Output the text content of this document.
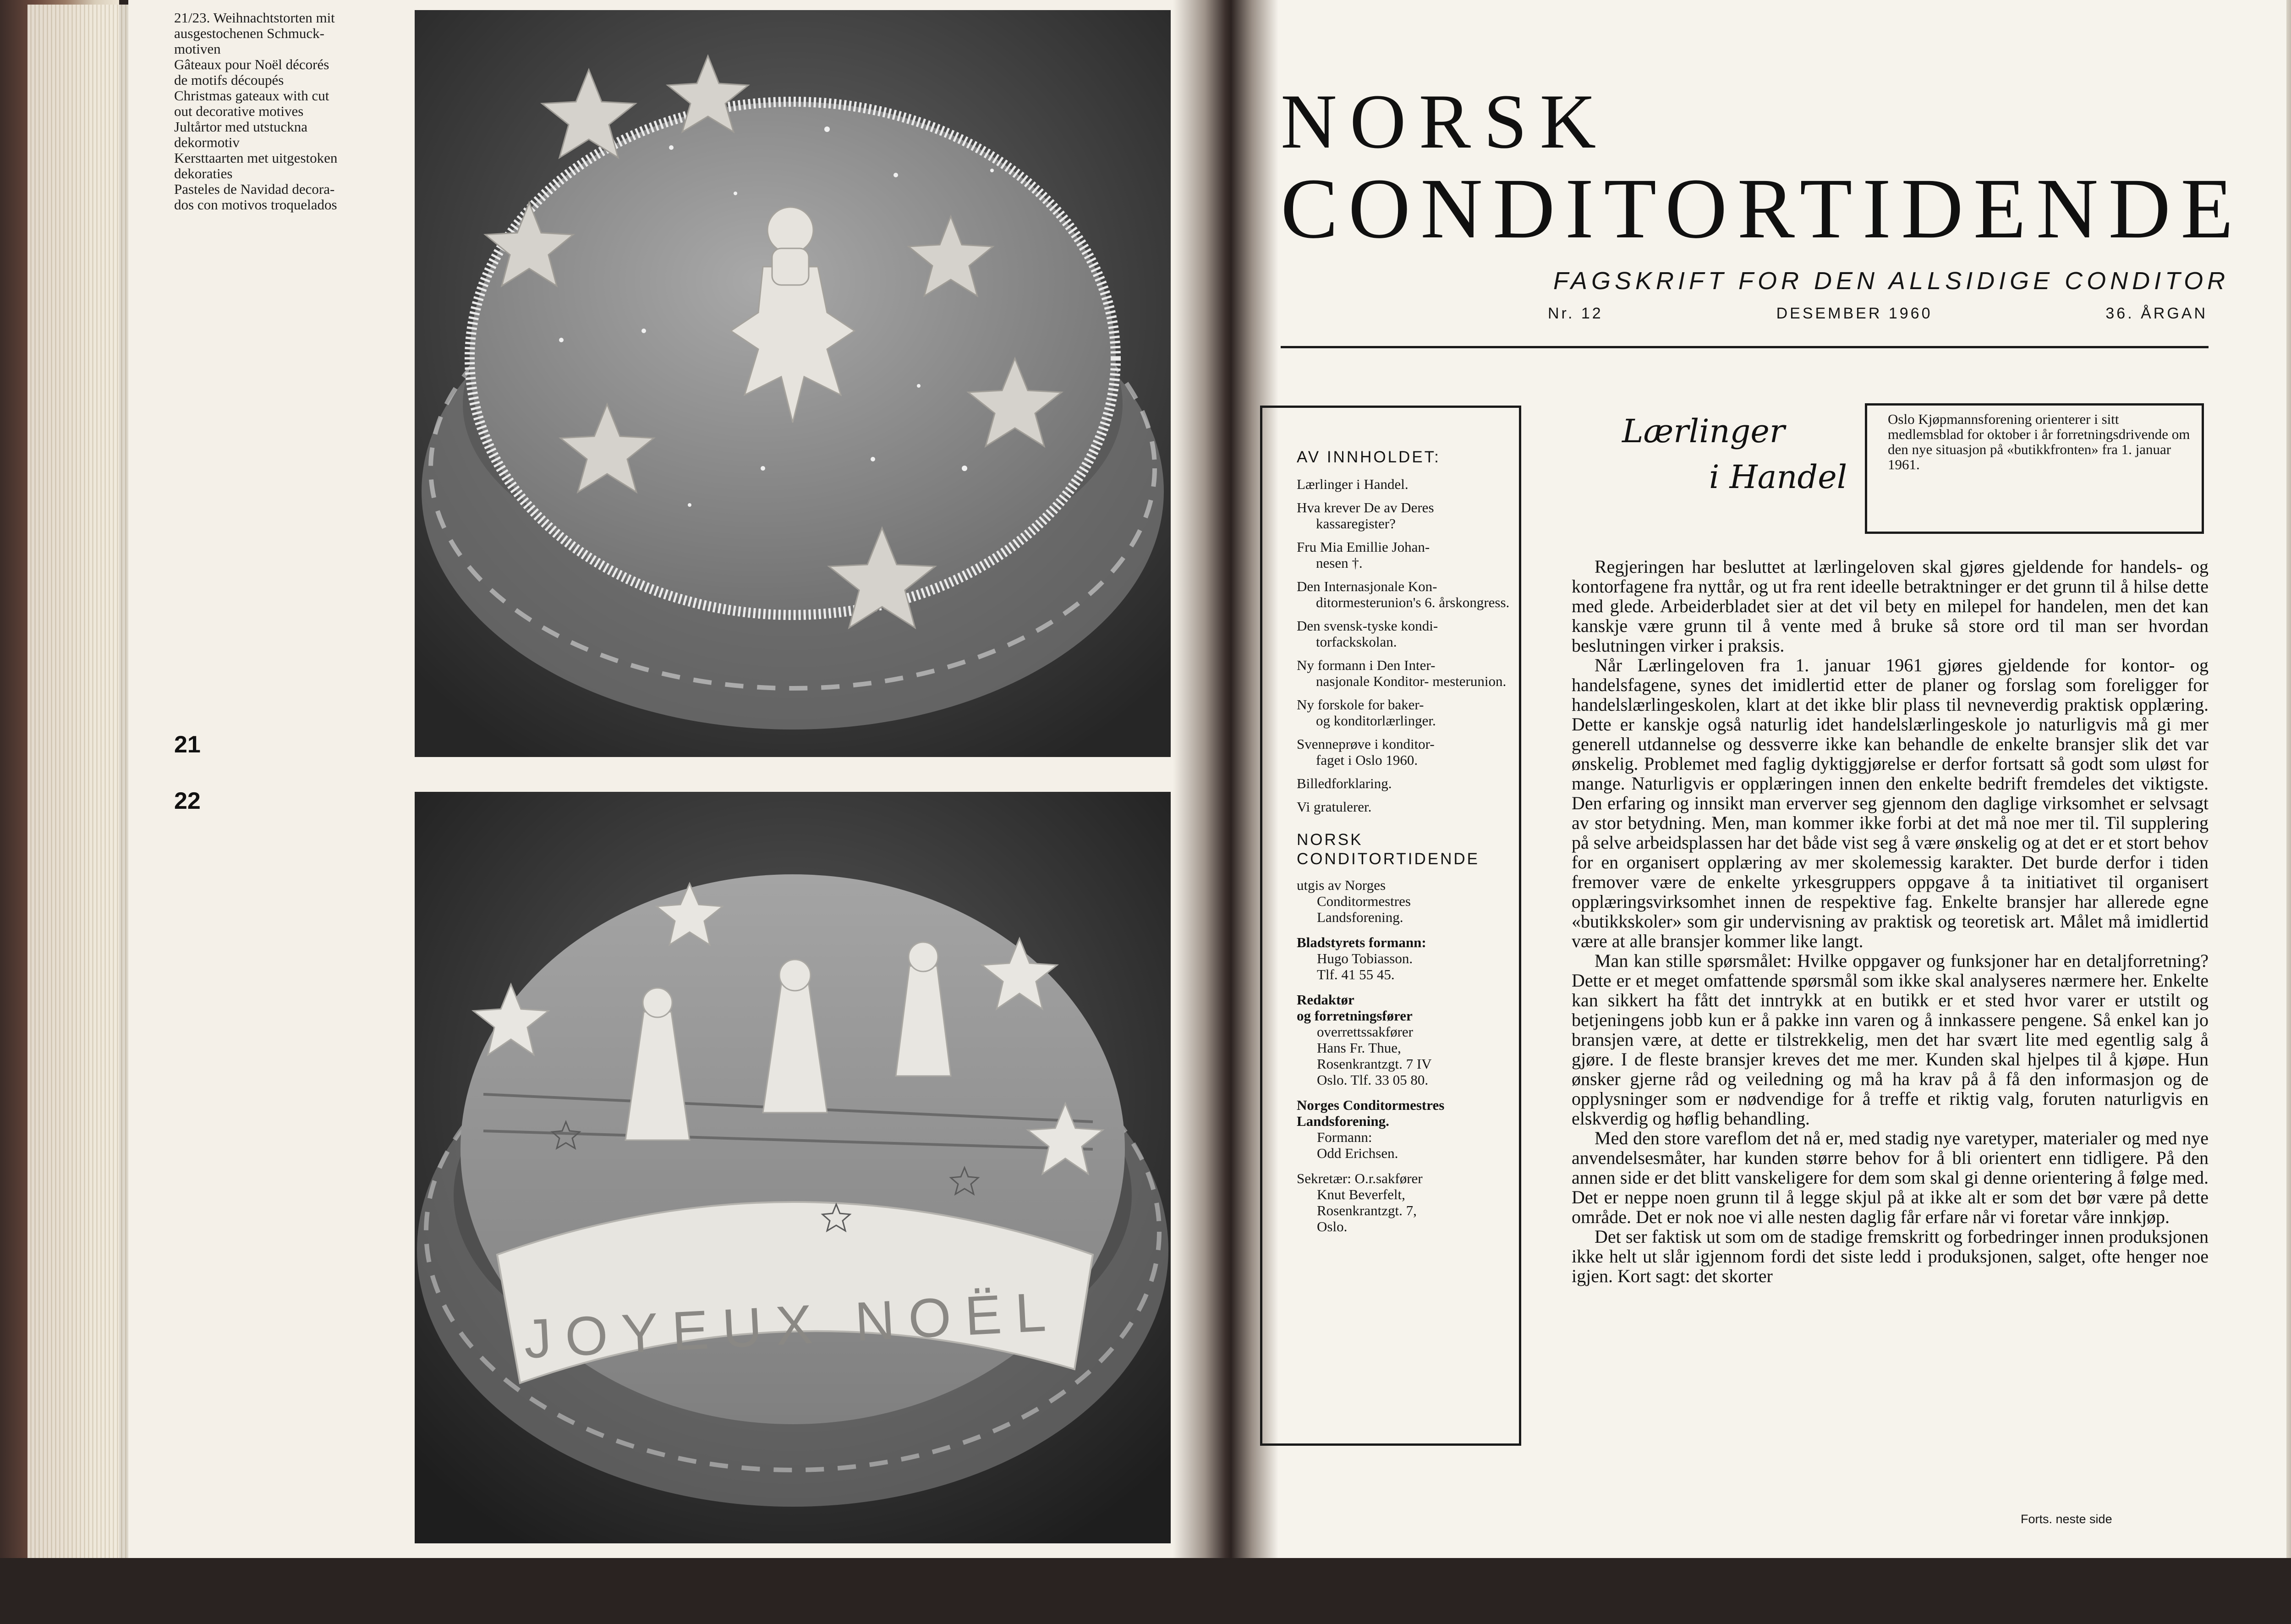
21/23. Weihnachtstorten mit
ausgestochenen Schmuck-
motiven
Gâteaux pour Noël décorés
de motifs découpés
Christmas gateaux with cut
out decorative motives
Jultårtor med utstuckna
dekormotiv
Kersttaarten met uitgestoken
dekoraties
Pasteles de Navidad decora-
dos con motivos troquelados
21
22
JOYEUX NOËL
NORSK
CONDITORTIDENDE
FAGSKRIFT FOR DEN ALLSIDIGE CONDITOR
Nr. 12	DESEMBER 1960	36. ÅRGAN
AV INNHOLDET:
Lærlinger i Handel.
Hva krever De av Deres
kassaregister?
Fru Mia Emillie Johan-
nesen †.
Den Internasjonale Kon-
ditormesterunion's 6. årskongress.
Den svensk-tyske kondi-
torfackskolan.
Ny formann i Den Inter-
nasjonale Konditor- mesterunion.
Ny forskole for baker-
og konditorlærlinger.
Svenneprøve i konditor-
faget i Oslo 1960.
Billedforklaring.
Vi gratulerer.
NORSK
CONDITORTIDENDE
utgis av Norges
Conditormestres
Landsforening.
Bladstyrets formann:
Hugo Tobiasson.
Tlf. 41 55 45.
Redaktør
og forretningsfører
overrettssakfører
Hans Fr. Thue,
Rosenkrantzgt. 7 IV
Oslo. Tlf. 33 05 80.
Norges Conditormestres
Landsforening.
Formann:
Odd Erichsen.
Sekretær: O.r.sakfører
Knut Beverfelt,
Rosenkrantzgt. 7,
Oslo.
Lærlinger
i Handel
Oslo Kjøpmannsforening orienterer i sitt medlemsblad for oktober i år forretningsdrivende om den nye situasjon på «butikkfronten» fra 1. januar 1961.

Regjeringen har besluttet at lærlingeloven skal gjøres gjeldende for handels- og kontorfagene fra nyttår, og ut fra rent ideelle betraktninger er det grunn til å hilse dette med glede. Arbeiderbladet sier at det vil bety en milepel for handelen, men det kan kanskje være grunn til å vente med å bruke så store ord til man ser hvordan beslutningen virker i praksis.

Når Lærlingeloven fra 1. januar 1961 gjøres gjeldende for kontor- og handelsfagene, synes det imidlertid etter de planer og forslag som foreligger for handelslærlingeskolen, klart at det ikke blir plass til nevneverdig praktisk opplæring. Dette er kanskje også naturlig idet handelslærlingeskole jo naturligvis må gi mer generell utdannelse og dessverre ikke kan behandle de enkelte bransjer slik det var ønskelig. Problemet med faglig dyktiggjørelse er derfor fortsatt så godt som uløst for mange. Naturligvis er opplæringen innen den enkelte bedrift fremdeles det viktigste. Den erfaring og innsikt man erverver seg gjennom den daglige virksomhet er selvsagt av stor betydning. Men, man kommer ikke forbi at det må noe mer til. Til supplering på selve arbeidsplassen har det både vist seg å være ønskelig og at det er et stort behov for en organisert opplæring av mer skolemessig karakter. Det burde derfor i tiden fremover være de enkelte yrkesgruppers oppgave å ta initiativet til organisert opplæringsvirksomhet innen de respektive fag. Enkelte bransjer har allerede egne «butikkskoler» som gir undervisning av praktisk og teoretisk art. Målet må imidlertid være at alle bransjer kommer like langt.

Man kan stille spørsmålet: Hvilke oppgaver og funksjoner har en detaljforretning? Dette er et meget omfattende spørsmål som ikke skal analyseres nærmere her. Enkelte kan sikkert ha fått det inntrykk at en butikk er et sted hvor varer er utstilt og betjeningens jobb kun er å pakke inn varen og å innkassere pengene. Så enkel kan jo bransjen være, at dette er tilstrekkelig, men det har svært lite med egentlig salg å gjøre. I de fleste bransjer kreves det me mer. Kunden skal hjelpes til å kjøpe. Hun ønsker gjerne råd og veiledning og må ha krav på å få den informasjon og de opplysninger som er nødvendige for å treffe et riktig valg, foruten naturligvis en elskverdig og høflig behandling.

Med den store vareflom det nå er, med stadig nye varetyper, materialer og med nye anvendelsesmåter, har kunden større behov for å bli orientert enn tidligere. På den annen side er det blitt vanskeligere for dem som skal gi denne orientering å følge med. Det er neppe noen grunn til å legge skjul på at ikke alt er som det bør være på dette område. Det er nok noe vi alle nesten daglig får erfare når vi foretar våre innkjøp.

Det ser faktisk ut som om de stadige fremskritt og forbedringer innen produksjonen ikke helt ut slår igjennom fordi det siste ledd i produksjonen, salget, ofte henger noe igjen. Kort sagt: det skorter

Forts. neste side
